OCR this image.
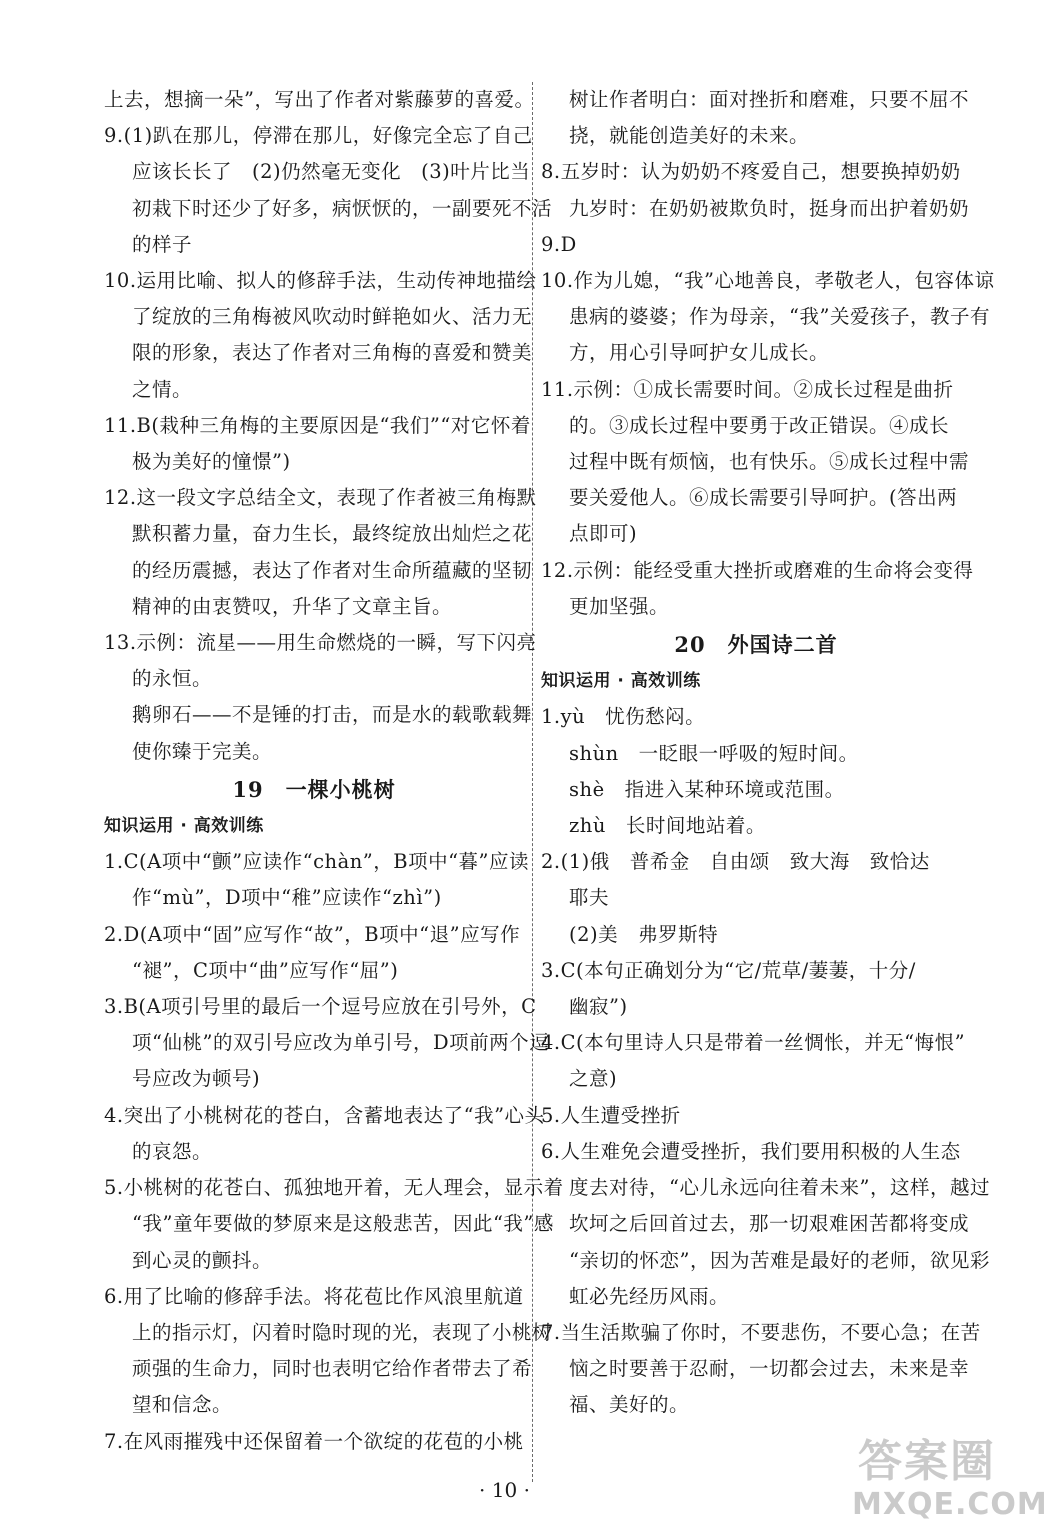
上去，想摘一朵”，写出了作者对紫藤萝的喜爱。
9.(1)趴在那儿，停滞在那儿，好像完全忘了自己
应该长长了　(2)仍然毫无变化　(3)叶片比当
初栽下时还少了好多，病恹恹的，一副要死不活
的样子
10.运用比喻、拟人的修辞手法，生动传神地描绘
了绽放的三角梅被风吹动时鲜艳如火、活力无
限的形象，表达了作者对三角梅的喜爱和赞美
之情。
11.B(栽种三角梅的主要原因是“我们”“对它怀着
极为美好的憧憬”)
12.这一段文字总结全文，表现了作者被三角梅默
默积蓄力量，奋力生长，最终绽放出灿烂之花
的经历震撼，表达了作者对生命所蕴藏的坚韧
精神的由衷赞叹，升华了文章主旨。
13.示例：流星——用生命燃烧的一瞬，写下闪亮
的永恒。
鹅卵石——不是锤的打击，而是水的载歌载舞
使你臻于完美。
19　一棵小桃树
知识运用 · 高效训练
1.C(A项中“颤”应读作“chàn”，B项中“暮”应读
作“mù”，D项中“稚”应读作“zhì”)
2.D(A项中“固”应写作“故”，B项中“退”应写作
“褪”，C项中“曲”应写作“屈”)
3.B(A项引号里的最后一个逗号应放在引号外，C
项“仙桃”的双引号应改为单引号，D项前两个逗
号应改为顿号)
4.突出了小桃树花的苍白，含蓄地表达了“我”心头
的哀怨。
5.小桃树的花苍白、孤独地开着，无人理会，显示着
“我”童年要做的梦原来是这般悲苦，因此“我”感
到心灵的颤抖。
6.用了比喻的修辞手法。将花苞比作风浪里航道
上的指示灯，闪着时隐时现的光，表现了小桃树
顽强的生命力，同时也表明它给作者带去了希
望和信念。
7.在风雨摧残中还保留着一个欲绽的花苞的小桃
树让作者明白：面对挫折和磨难，只要不屈不
挠，就能创造美好的未来。
8.五岁时：认为奶奶不疼爱自己，想要换掉奶奶
九岁时：在奶奶被欺负时，挺身而出护着奶奶
9.D
10.作为儿媳，“我”心地善良，孝敬老人，包容体谅
患病的婆婆；作为母亲，“我”关爱孩子，教子有
方，用心引导呵护女儿成长。
11.示例：①成长需要时间。②成长过程是曲折
的。③成长过程中要勇于改正错误。④成长
过程中既有烦恼，也有快乐。⑤成长过程中需
要关爱他人。⑥成长需要引导呵护。(答出两
点即可)
12.示例：能经受重大挫折或磨难的生命将会变得
更加坚强。
20　外国诗二首
知识运用 · 高效训练
1.yù　忧伤愁闷。
shùn　一眨眼一呼吸的短时间。
shè　指进入某种环境或范围。
zhù　长时间地站着。
2.(1)俄　普希金　自由颂　致大海　致恰达
耶夫
(2)美　弗罗斯特
3.C(本句正确划分为“它/荒草/萋萋，十分/
幽寂”)
4.C(本句里诗人只是带着一丝惆怅，并无“悔恨”
之意)
5.人生遭受挫折
6.人生难免会遭受挫折，我们要用积极的人生态
度去对待，“心儿永远向往着未来”，这样，越过
坎坷之后回首过去，那一切艰难困苦都将变成
“亲切的怀恋”，因为苦难是最好的老师，欲见彩
虹必先经历风雨。
7.当生活欺骗了你时，不要悲伤，不要心急；在苦
恼之时要善于忍耐，一切都会过去，未来是幸
福、美好的。
· 10 ·
答案圈
MXQE.COM
